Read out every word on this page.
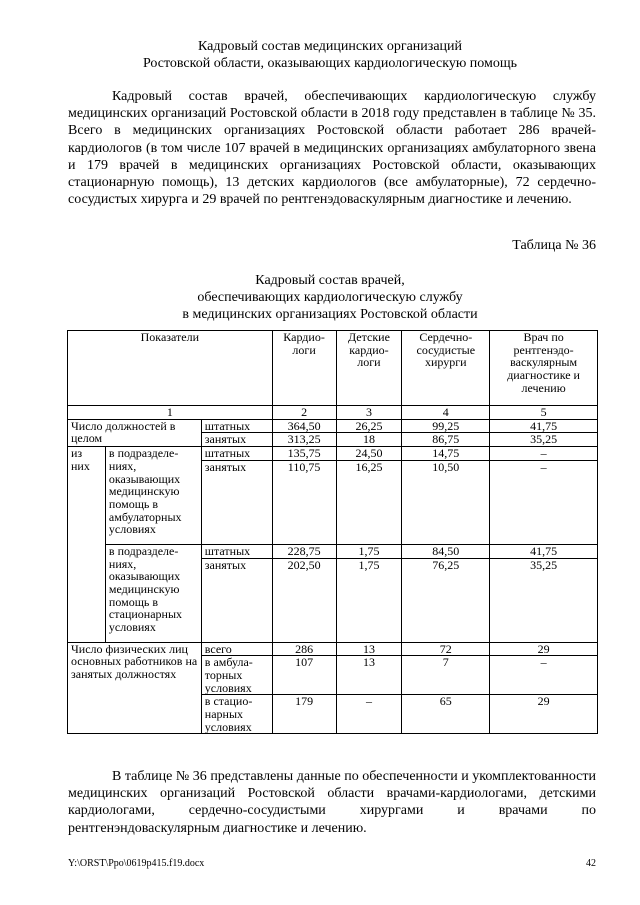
Кадровый состав медицинских организаций
Ростовской области, оказывающих кардиологическую помощь

Кадровый состав врачей, обеспечивающих кардиологическую службу медицинских организаций Ростовской области в 2018 году представлен в таблице № 35. Всего в медицинских организациях Ростовской области работает 286 врачей-кардиологов (в том числе 107 врачей в медицинских организациях амбулаторного звена и 179 врачей в медицинских организациях Ростовской области, оказывающих стационарную помощь), 13 детских кардиологов (все амбулаторные), 72 сердечно-сосудистых хирурга и 29 врачей по рентгенэдоваскулярным диагностике и лечению.

Таблица № 36
Кадровый состав врачей,
обеспечивающих кардиологическую службу
в медицинских организациях Ростовской области
Показатели			Кардио-логи	Детские кардио-логи	Сердечно-сосудистые хирурги	Врач по рентгенэдо-васкулярным диагностике и лечению
1			2	3	4	5
Число должностей в целом		штатных	364,50	26,25	99,25	41,75
		занятых	313,25	18	86,75	35,25
из них	в подразделе-ниях, оказывающих медицинскую помощь в амбулаторных условиях	штатных	135,75	24,50	14,75	–
		занятых	110,75	16,25	10,50	–
	в подразделе-ниях, оказывающих медицинскую помощь в стационарных условиях	штатных	228,75	1,75	84,50	41,75
		занятых	202,50	1,75	76,25	35,25
Число физических лиц основных работников на занятых должностях		всего	286	13	72	29
		в амбула-торных условиях	107	13	7	–
		в стацио-нарных условиях	179	–	65	29

В таблице № 36 представлены данные по обеспеченности и укомплектованности медицинских организаций Ростовской области врачами-кардиологами, детскими кардиологами, сердечно-сосудистыми хирургами и врачами по рентгенэндоваскулярным диагностике и лечению.

Y:\ORST\Ppo\0619p415.f19.docx	42
